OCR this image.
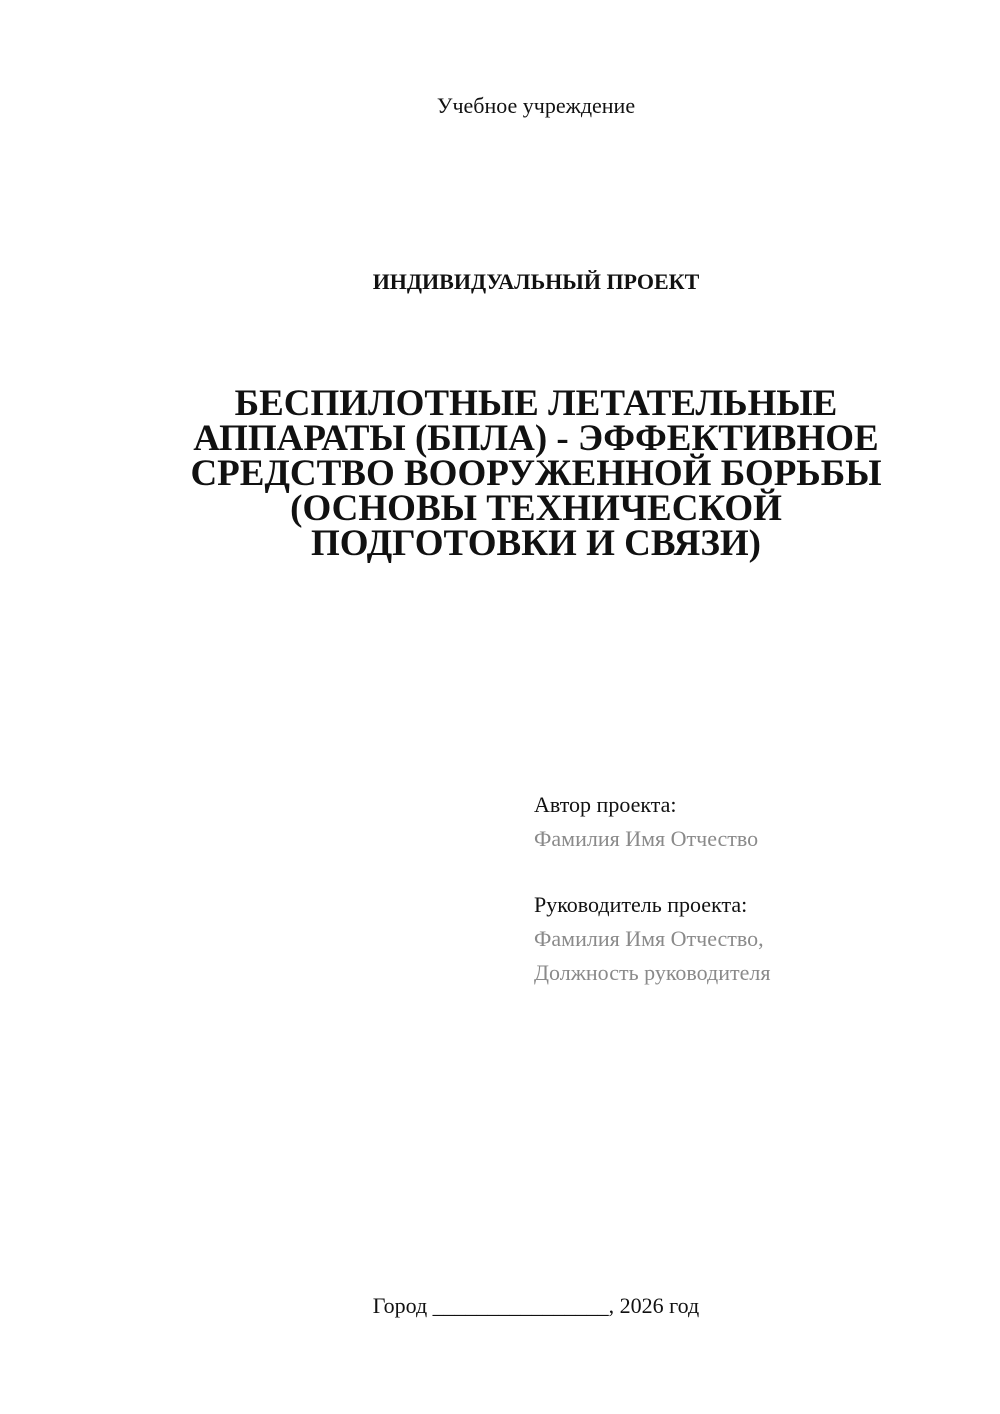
Учебное учреждение
ИНДИВИДУАЛЬНЫЙ ПРОЕКТ
БЕСПИЛОТНЫЕ ЛЕТАТЕЛЬНЫЕ
АППАРАТЫ (БПЛА) - ЭФФЕКТИВНОЕ
СРЕДСТВО ВООРУЖЕННОЙ БОРЬБЫ
(ОСНОВЫ ТЕХНИЧЕСКОЙ
ПОДГОТОВКИ И СВЯЗИ)
Автор проекта:
Фамилия Имя Отчество
Руководитель проекта:
Фамилия Имя Отчество,
Должность руководителя
Город ________________, 2026 год
